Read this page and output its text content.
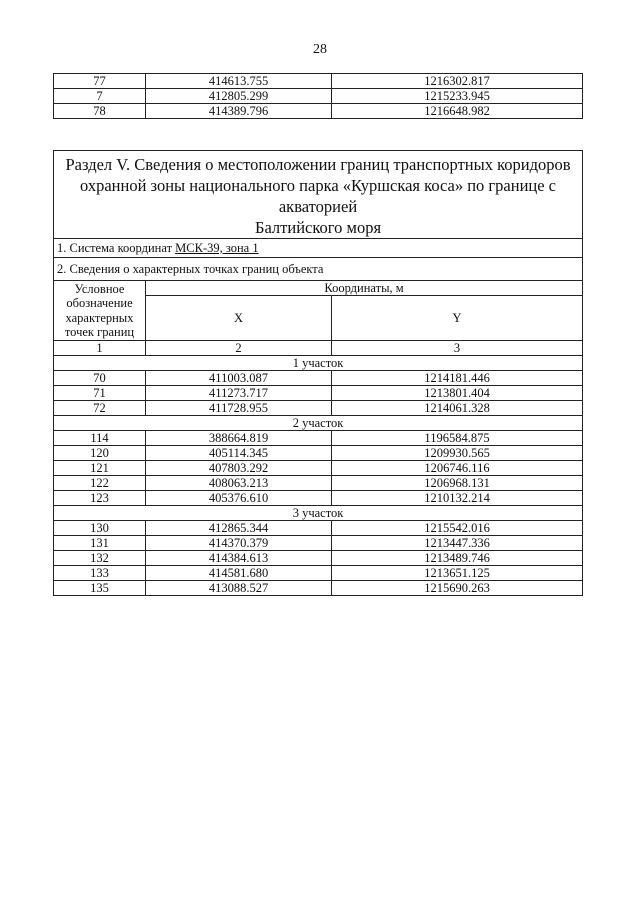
28
77	414613.755	1216302.817
7	412805.299	1215233.945
78	414389.796	1216648.982
Раздел V. Сведения о местоположении границ транспортных коридоров
охранной зоны национального парка «Куршская коса» по границе с акваторией
Балтийского моря		

1. Система координат МСК-39, зона 1		
2. Сведения о характерных точках границ объекта		
Условное обозначение характерных точек границ	Координаты, м	
	X	Y
1	2	3
1 участок		
70	411003.087	1214181.446
71	411273.717	1213801.404
72	411728.955	1214061.328
2 участок		
114	388664.819	1196584.875
120	405114.345	1209930.565
121	407803.292	1206746.116
122	408063.213	1206968.131
123	405376.610	1210132.214
3 участок		
130	412865.344	1215542.016
131	414370.379	1213447.336
132	414384.613	1213489.746
133	414581.680	1213651.125
135	413088.527	1215690.263
